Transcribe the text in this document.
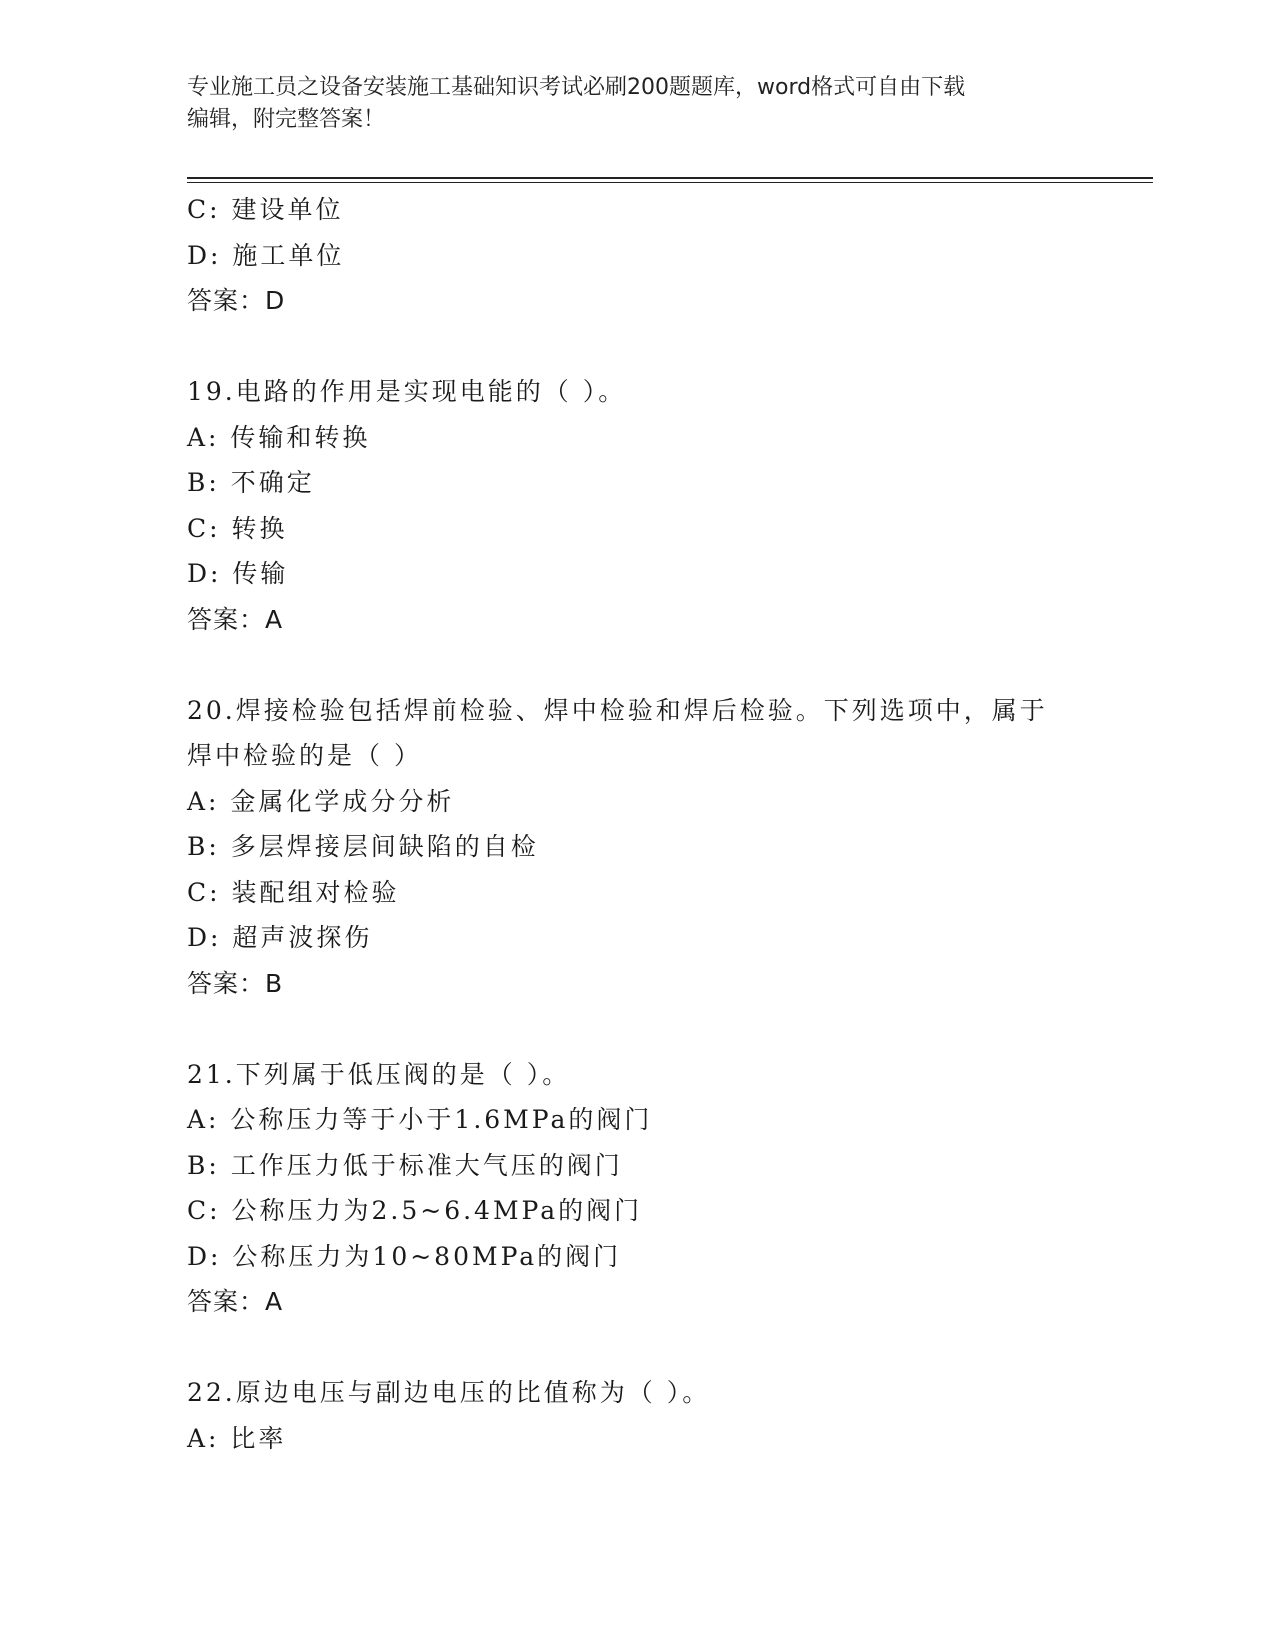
专业施工员之设备安装施工基础知识考试必刷200题题库，word格式可自由下载
编辑，附完整答案！
C: 建设单位
D: 施工单位
答案：D
19.电路的作用是实现电能的（ ）。
A: 传输和转换
B: 不确定
C: 转换
D: 传输
答案：A
20.焊接检验包括焊前检验、焊中检验和焊后检验。下列选项中，属于
焊中检验的是（ ）
A: 金属化学成分分析
B: 多层焊接层间缺陷的自检
C: 装配组对检验
D: 超声波探伤
答案：B
21.下列属于低压阀的是（ ）。
A: 公称压力等于小于1.6MPa的阀门
B: 工作压力低于标准大气压的阀门
C: 公称压力为2.5~6.4MPa的阀门
D: 公称压力为10~80MPa的阀门
答案：A
22.原边电压与副边电压的比值称为（ ）。
A: 比率
